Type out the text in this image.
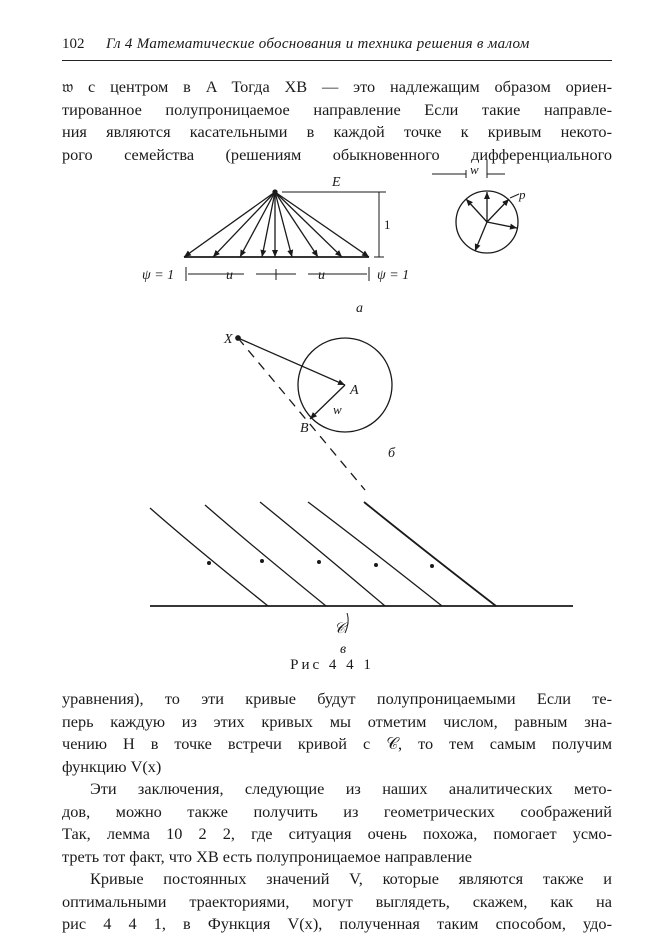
102 Гл 4 Математические обоснования и техника решения в малом
𝔴 с центром в A Тогда XB — это надлежащим образом ориен-
тированное полупроницаемое направление Если такие направле-
ния являются касательными в каждой точке к кривым некото-
рого семейства (решениям обыкновенного дифференциального
E
1
ψ = 1	u	u	ψ = 1
а
w
p
X
A
w
B
б
𝒞
в
Рис 4 4 1
уравнения), то эти кривые будут полупроницаемыми Если те-
перь каждую из этих кривых мы отметим числом, равным зна-
чению H в точке встречи кривой с 𝒞, то тем самым получим
функцию V(x)
Эти заключения, следующие из наших аналитических мето-
дов, можно также получить из геометрических соображений
Так, лемма 10 2 2, где ситуация очень похожа, помогает усмо-
треть тот факт, что XB есть полупроницаемое направление
Кривые постоянных значений V, которые являются также и
оптимальными траекториями, могут выглядеть, скажем, как на
рис 4 4 1, в Функция V(x), полученная таким способом, удо-
